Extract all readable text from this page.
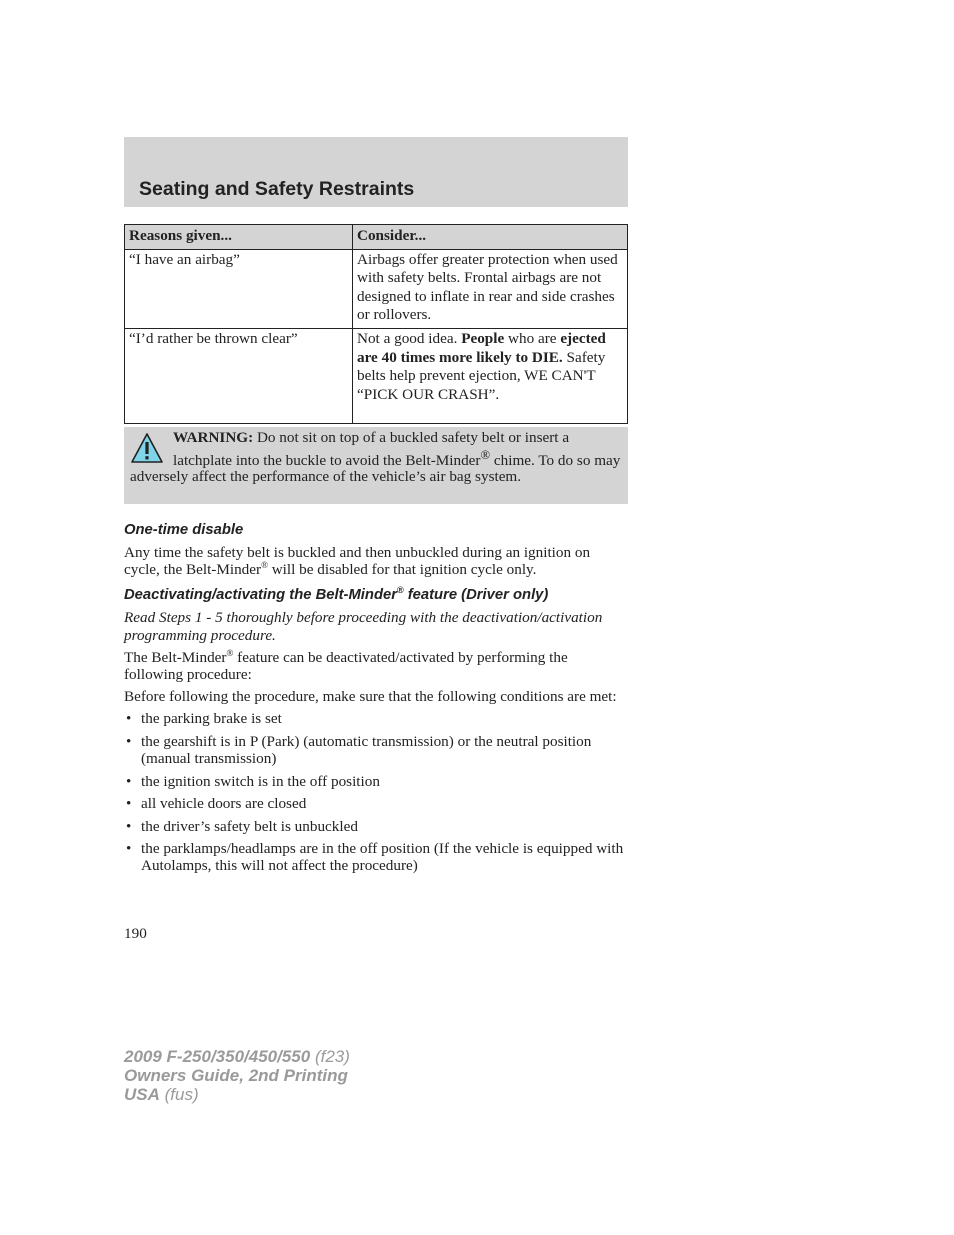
Seating and Safety Restraints
Reasons given...	Consider...
“I have an airbag”	Airbags offer greater protection when used with safety belts. Frontal airbags are not designed to inflate in rear and side crashes or rollovers.
“I’d rather be thrown clear”	Not a good idea. People who are ejected are 40 times more likely to DIE. Safety belts help prevent ejection, WE CAN'T “PICK OUR CRASH”.
WARNING: Do not sit on top of a buckled safety belt or insert a latchplate into the buckle to avoid the Belt-Minder® chime. To do so may adversely affect the performance of the vehicle’s air bag system.
One-time disable

Any time the safety belt is buckled and then unbuckled during an ignition on cycle, the Belt-Minder® will be disabled for that ignition cycle only.

Deactivating/activating the Belt-Minder® feature (Driver only)

Read Steps 1 - 5 thoroughly before proceeding with the deactivation/activation programming procedure.

The Belt-Minder® feature can be deactivated/activated by performing the following procedure:

Before following the procedure, make sure that the following conditions are met:

• the parking brake is set
• the gearshift is in P (Park) (automatic transmission) or the neutral position (manual transmission)
• the ignition switch is in the off position
• all vehicle doors are closed
• the driver’s safety belt is unbuckled
• the parklamps/headlamps are in the off position (If the vehicle is equipped with Autolamps, this will not affect the procedure)
190
2009 F-250/350/450/550 (f23)
Owners Guide, 2nd Printing
USA (fus)
